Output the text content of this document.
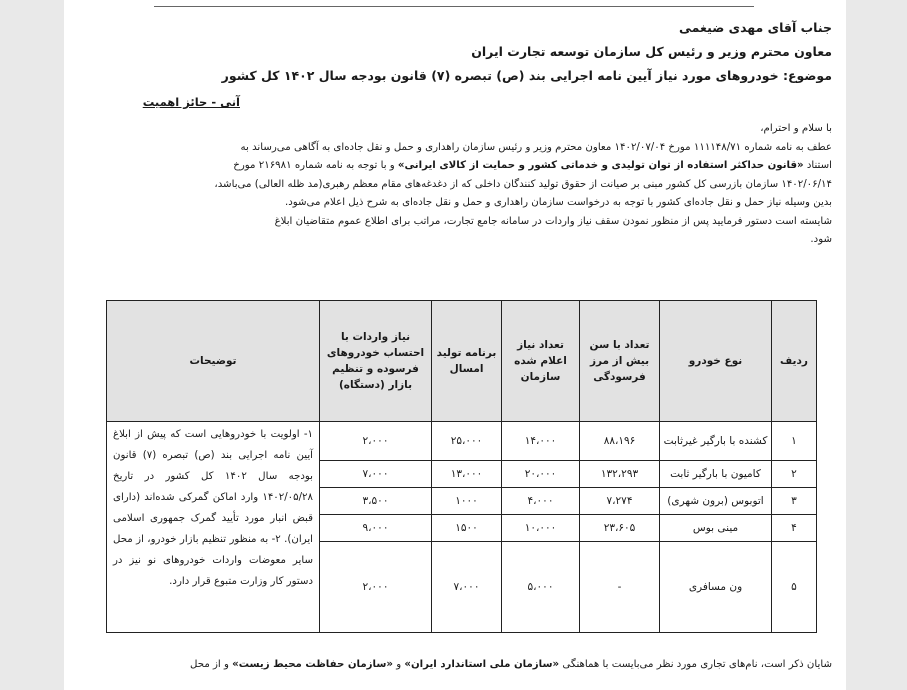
جناب آقای مهدی ضیغمی
معاون محترم وزیر و رئیس کل سازمان توسعه تجارت ایران
موضوع: خودروهای مورد نیاز آیین نامه اجرایی بند (ص) تبصره (۷) قانون بودجه سال ۱۴۰۲ کل کشور
آنی - حائز اهمیت

با سلام و احترام،

عطف به نامه شماره ۱۱۱۱۴۸/۷۱ مورخ ۱۴۰۲/۰۷/۰۴ معاون محترم وزیر و رئیس سازمان راهداری و حمل و نقل جاده‌ای به آگاهی می‌رساند به

استناد «قانون حداکثر استفاده از توان تولیدی و خدماتی کشور و حمایت از کالای ایرانی» و با توجه به نامه شماره ۲۱۶۹۸۱ مورخ

۱۴۰۲/۰۶/۱۴ سازمان بازرسی کل کشور مبنی بر صیانت از حقوق تولید کنندگان داخلی که از دغدغه‌های مقام معظم رهبری(مد ظله العالی) می‌باشد،

بدین وسیله نیاز حمل و نقل جاده‌ای کشور با توجه به درخواست سازمان راهداری و حمل و نقل جاده‌ای به شرح ذیل اعلام می‌شود.

شایسته است دستور فرمایید پس از منظور نمودن سقف نیاز واردات در سامانه جامع تجارت، مراتب برای اطلاع عموم متقاضیان ابلاغ

شود.

ردیف	نوع خودرو	تعداد با سن بیش از مرز فرسودگی	تعداد نیاز اعلام شده سازمان	برنامه تولید امسال	نیاز واردات با احتساب خودروهای فرسوده و تنظیم بازار (دستگاه)	توضیحات
۱	کشنده با بارگیر غیرثابت	۸۸،۱۹۶	۱۴،۰۰۰	۲۵،۰۰۰	۲،۰۰۰	۱- اولویت با خودروهایی است که پیش از ابلاغ آیین نامه اجرایی بند (ص) تبصره (۷) قانون بودجه سال ۱۴۰۲ کل کشور در تاریخ ۱۴۰۲/۰۵/۲۸ وارد اماکن گمرکی شده‌اند (دارای قبض انبار مورد تأیید گمرک جمهوری اسلامی ایران). ۲- به منظور تنظیم بازار خودرو، از محل سایر معوضات واردات خودروهای نو نیز در دستور کار وزارت متبوع قرار دارد.
۲	کامیون با بارگیر ثابت	۱۳۲،۲۹۳	۲۰،۰۰۰	۱۳،۰۰۰	۷،۰۰۰	
۳	اتوبوس (برون شهری)	۷،۲۷۴	۴،۰۰۰	۱۰۰۰	۳،۵۰۰	
۴	مینی بوس	۲۳،۶۰۵	۱۰،۰۰۰	۱۵۰۰	۹،۰۰۰	
۵	ون مسافری	-	۵،۰۰۰	۷،۰۰۰	۲،۰۰۰	
شایان ذکر است، نام‌های تجاری مورد نظر می‌بایست با هماهنگی «سازمان ملی استاندارد ایران» و «سازمان حفاظت محیط زیست» و از محل
